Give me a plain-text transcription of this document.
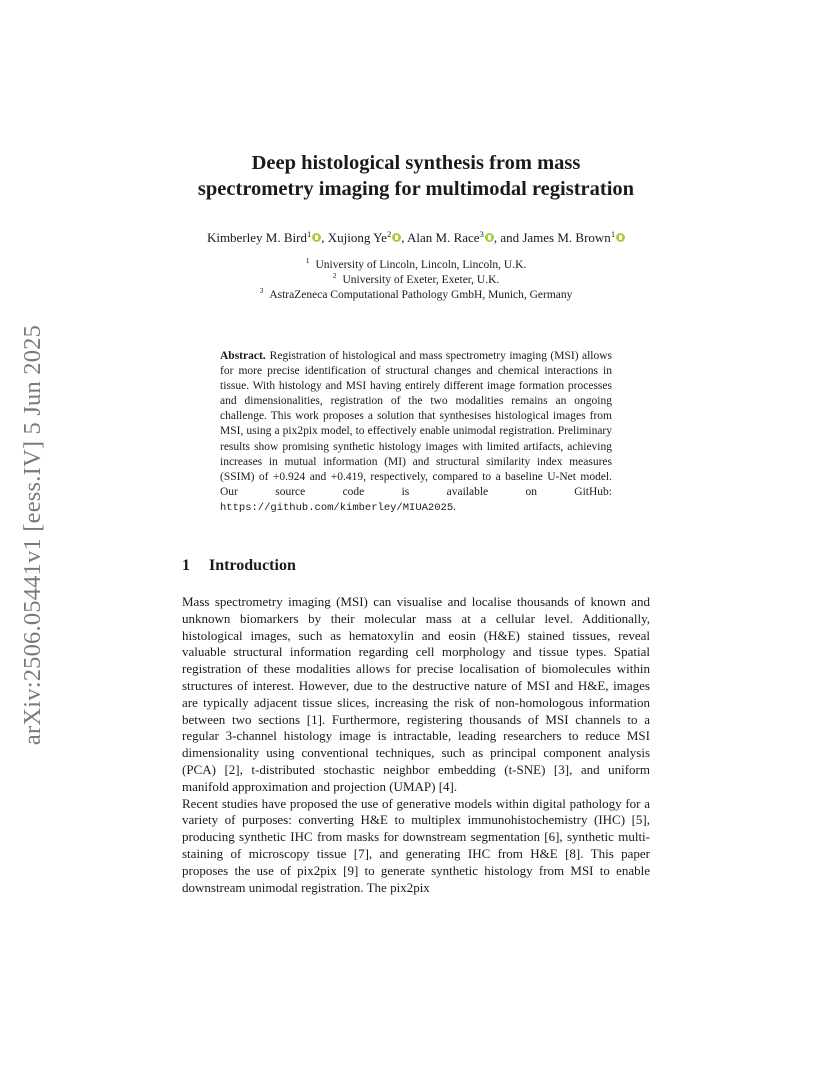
arXiv:2506.05441v1 [eess.IV] 5 Jun 2025
Deep histological synthesis from mass
spectrometry imaging for multimodal registration
Kimberley M. Bird$^1$ , Xujiong Ye$^2$ , Alan M. Race$^3$ , and James M. Brown$^1$
$^1$ University of Lincoln, Lincoln, Lincoln, U.K.
$^2$ University of Exeter, Exeter, U.K.
$^3$ AstraZeneca Computational Pathology GmbH, Munich, Germany
Abstract. Registration of histological and mass spectrometry imaging (MSI) allows for more precise identification of structural changes and chemical interactions in tissue. With histology and MSI having entirely different image formation processes and dimensionalities, registration of the two modalities remains an ongoing challenge. This work proposes a solution that synthesises histological images from MSI, using a pix2pix model, to effectively enable unimodal registration. Preliminary results show promising synthetic histology images with limited artifacts, achieving increases in mutual information (MI) and structural similarity index measures (SSIM) of +0.924 and +0.419, respectively, compared to a baseline U-Net model. Our source code is available on GitHub: https://github.com/kimberley/MIUA2025.
1 Introduction

Mass spectrometry imaging (MSI) can visualise and localise thousands of known and unknown biomarkers by their molecular mass at a cellular level. Additionally, histological images, such as hematoxylin and eosin (H&E) stained tissues, reveal valuable structural information regarding cell morphology and tissue types. Spatial registration of these modalities allows for precise localisation of biomolecules within structures of interest. However, due to the destructive nature of MSI and H&E, images are typically adjacent tissue slices, increasing the risk of non-homologous information between two sections [1]. Furthermore, registering thousands of MSI channels to a regular 3-channel histology image is intractable, leading researchers to reduce MSI dimensionality using conventional techniques, such as principal component analysis (PCA) [2], t-distributed stochastic neighbor embedding (t-SNE) [3], and uniform manifold approximation and projection (UMAP) [4].

Recent studies have proposed the use of generative models within digital pathology for a variety of purposes: converting H&E to multiplex immunohistochemistry (IHC) [5], producing synthetic IHC from masks for downstream segmentation [6], synthetic multi-staining of microscopy tissue [7], and generating IHC from H&E [8]. This paper proposes the use of pix2pix [9] to generate synthetic histology from MSI to enable downstream unimodal registration. The pix2pix
